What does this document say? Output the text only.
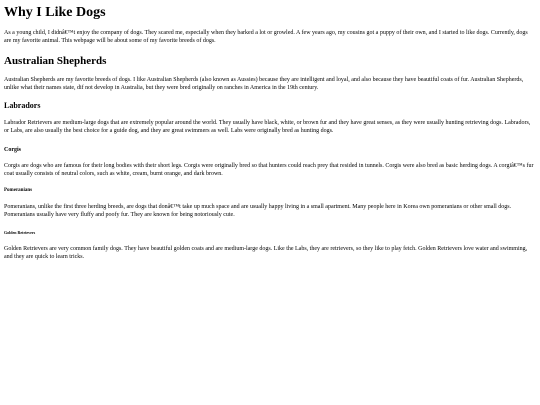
Why I Like Dogs

As a young child, I didnâ€™t enjoy the company of dogs. They scared me, especially when they barked a lot or growled. A few years ago, my cousins got a puppy of their own, and I started to like dogs. Currently, dogs are my favorite animal. This webpage will be about some of my favorite breeds of dogs.

Australian Shepherds

Australian Shepherds are my favorite breeds of dogs. I like Australian Shepherds (also known as Aussies) because they are intelligent and loyal, and also because they have beautiful coats of fur. Australian Shepherds, unlike what their names state, dif not develop in Australia, but they were bred originally on ranches in America in the 19th century.

Labradors

Labrador Retrievers are medium-large dogs that are extremely popular around the world. They usually have black, white, or brown fur and they have great senses, as they were usually hunting retrieving dogs. Labradors, or Labs, are also usually the best choice for a guide dog, and they are great swimmers as well. Labs were originally bred as hunting dogs.

Corgis

Corgis are dogs who are famous for their long bodies with their short legs. Corgis were originally bred so that hunters could reach prey that resided in tunnels. Corgis were also bred as basic herding dogs. A corgiâ€™s fur coat usually consists of neutral colors, such as white, cream, burnt orange, and dark brown.

Pomeranians

Pomeranians, unlike the first three herding breeds, are dogs that donâ€™t take up much space and are usually happy living in a small apartment. Many people here in Korea own pomeranians or other small dogs. Pomeranians usually have very fluffy and poofy fur. They are known for being notoriously cute.

Golden Retrievers

Golden Retrievers are very common family dogs. They have beautiful golden coats and are medium-large dogs. Like the Labs, they are retrievers, so they like to play fetch. Golden Retrievers love water and swimming, and they are quick to learn tricks.
